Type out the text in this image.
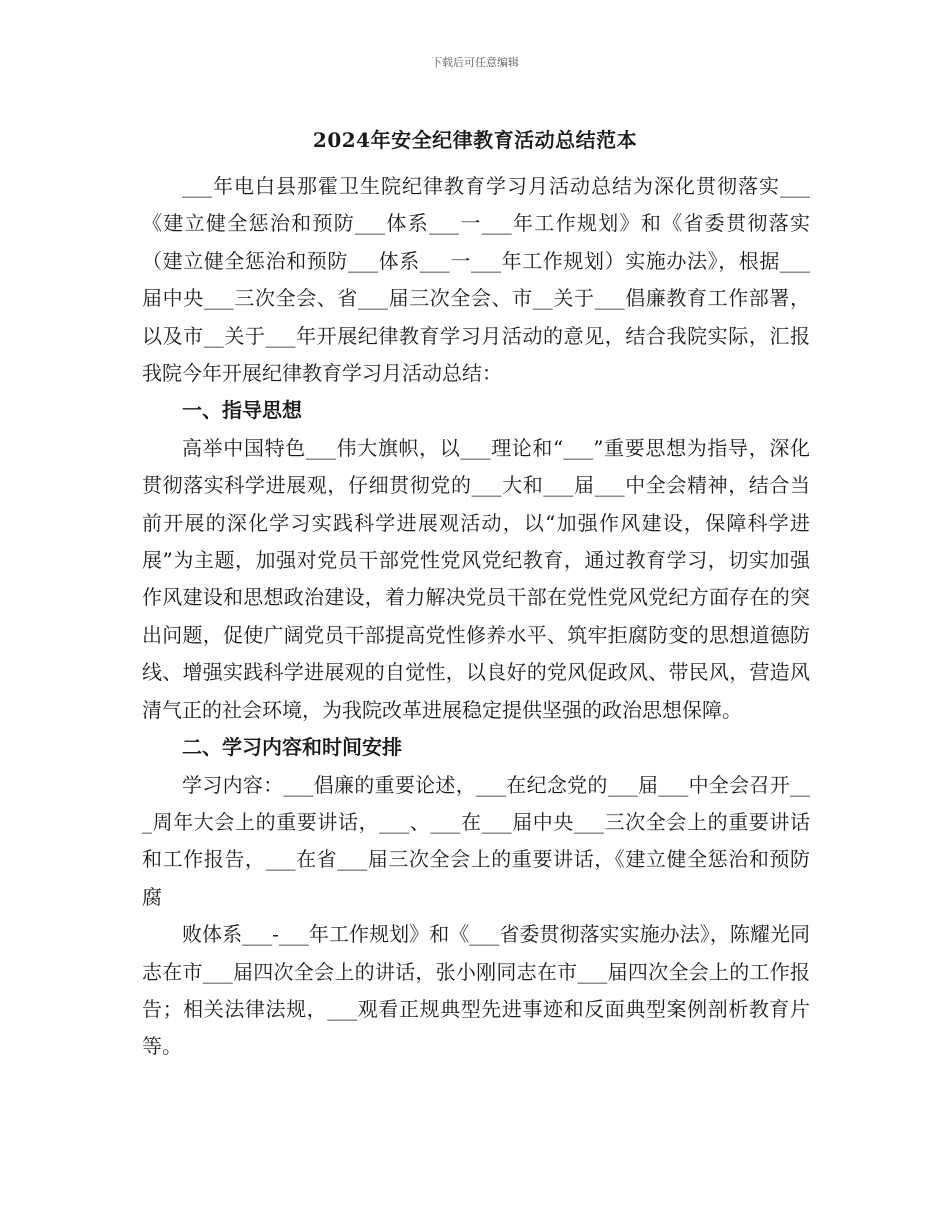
下载后可任意编辑
2024年安全纪律教育活动总结范本

___年电白县那霍卫生院纪律教育学习月活动总结为深化贯彻落实___《建立健全惩治和预防___体系___一___年工作规划》和《省委贯彻落实（建立健全惩治和预防___体系___一___年工作规划）实施办法》，根据___届中央___三次全会、省___届三次全会、市__关于___倡廉教育工作部署，以及市__关于___年开展纪律教育学习月活动的意见，结合我院实际，汇报我院今年开展纪律教育学习月活动总结：

一、指导思想

高举中国特色___伟大旗帜，以___理论和“___”重要思想为指导，深化贯彻落实科学进展观，仔细贯彻党的___大和___届___中全会精神，结合当前开展的深化学习实践科学进展观活动，以“加强作风建设，保障科学进展”为主题，加强对党员干部党性党风党纪教育，通过教育学习，切实加强作风建设和思想政治建设，着力解决党员干部在党性党风党纪方面存在的突出问题，促使广阔党员干部提高党性修养水平、筑牢拒腐防变的思想道德防线、增强实践科学进展观的自觉性，以良好的党风促政风、带民风，营造风清气正的社会环境，为我院改革进展稳定提供坚强的政治思想保障。

二、学习内容和时间安排

学习内容：___倡廉的重要论述，___在纪念党的___届___中全会召开___周年大会上的重要讲话，___、___在___届中央___三次全会上的重要讲话和工作报告，___在省___届三次全会上的重要讲话，《建立健全惩治和预防腐

败体系___-___年工作规划》和《___省委贯彻落实实施办法》，陈耀光同志在市___届四次全会上的讲话，张小刚同志在市___届四次全会上的工作报告；相关法律法规，___观看正规典型先进事迹和反面典型案例剖析教育片等。
